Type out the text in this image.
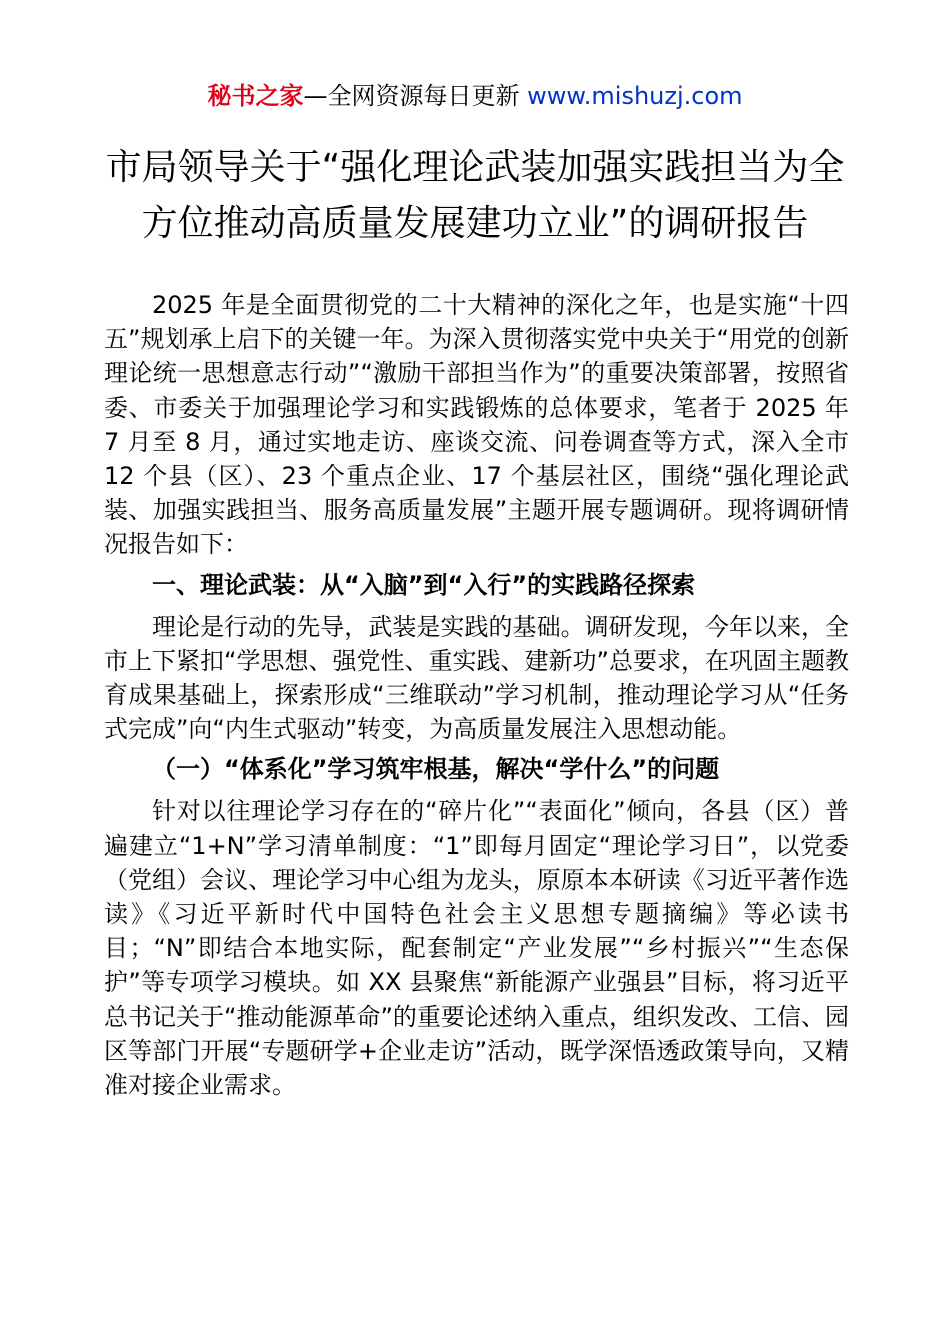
秘书之家—全网资源每日更新 www.mishuzj.com
市局领导关于“强化理论武装加强实践担当为全
方位推动高质量发展建功立业”的调研报告

2025 年是全面贯彻党的二十大精神的深化之年，也是实施“十四五”规划承上启下的关键一年。为深入贯彻落实党中央关于“用党的创新理论统一思想意志行动”“激励干部担当作为”的重要决策部署，按照省委、市委关于加强理论学习和实践锻炼的总体要求，笔者于 2025 年 7 月至 8 月，通过实地走访、座谈交流、问卷调查等方式，深入全市 12 个县（区）、23 个重点企业、17 个基层社区，围绕“强化理论武装、加强实践担当、服务高质量发展”主题开展专题调研。现将调研情况报告如下：

一、理论武装：从“入脑”到“入行”的实践路径探索

理论是行动的先导，武装是实践的基础。调研发现，今年以来，全市上下紧扣“学思想、强党性、重实践、建新功”总要求，在巩固主题教育成果基础上，探索形成“三维联动”学习机制，推动理论学习从“任务式完成”向“内生式驱动”转变，为高质量发展注入思想动能。

（一）“体系化”学习筑牢根基，解决“学什么”的问题

针对以往理论学习存在的“碎片化”“表面化”倾向，各县（区）普遍建立“1+N”学习清单制度：“1”即每月固定“理论学习日”，以党委（党组）会议、理论学习中心组为龙头，原原本本研读《习近平著作选读》《习近平新时代中国特色社会主义思想专题摘编》等必读书目；“N”即结合本地实际，配套制定“产业发展”“乡村振兴”“生态保护”等专项学习模块。如 XX 县聚焦“新能源产业强县”目标，将习近平总书记关于“推动能源革命”的重要论述纳入重点，组织发改、工信、园区等部门开展“专题研学+企业走访”活动，既学深悟透政策导向，又精准对接企业需求。
